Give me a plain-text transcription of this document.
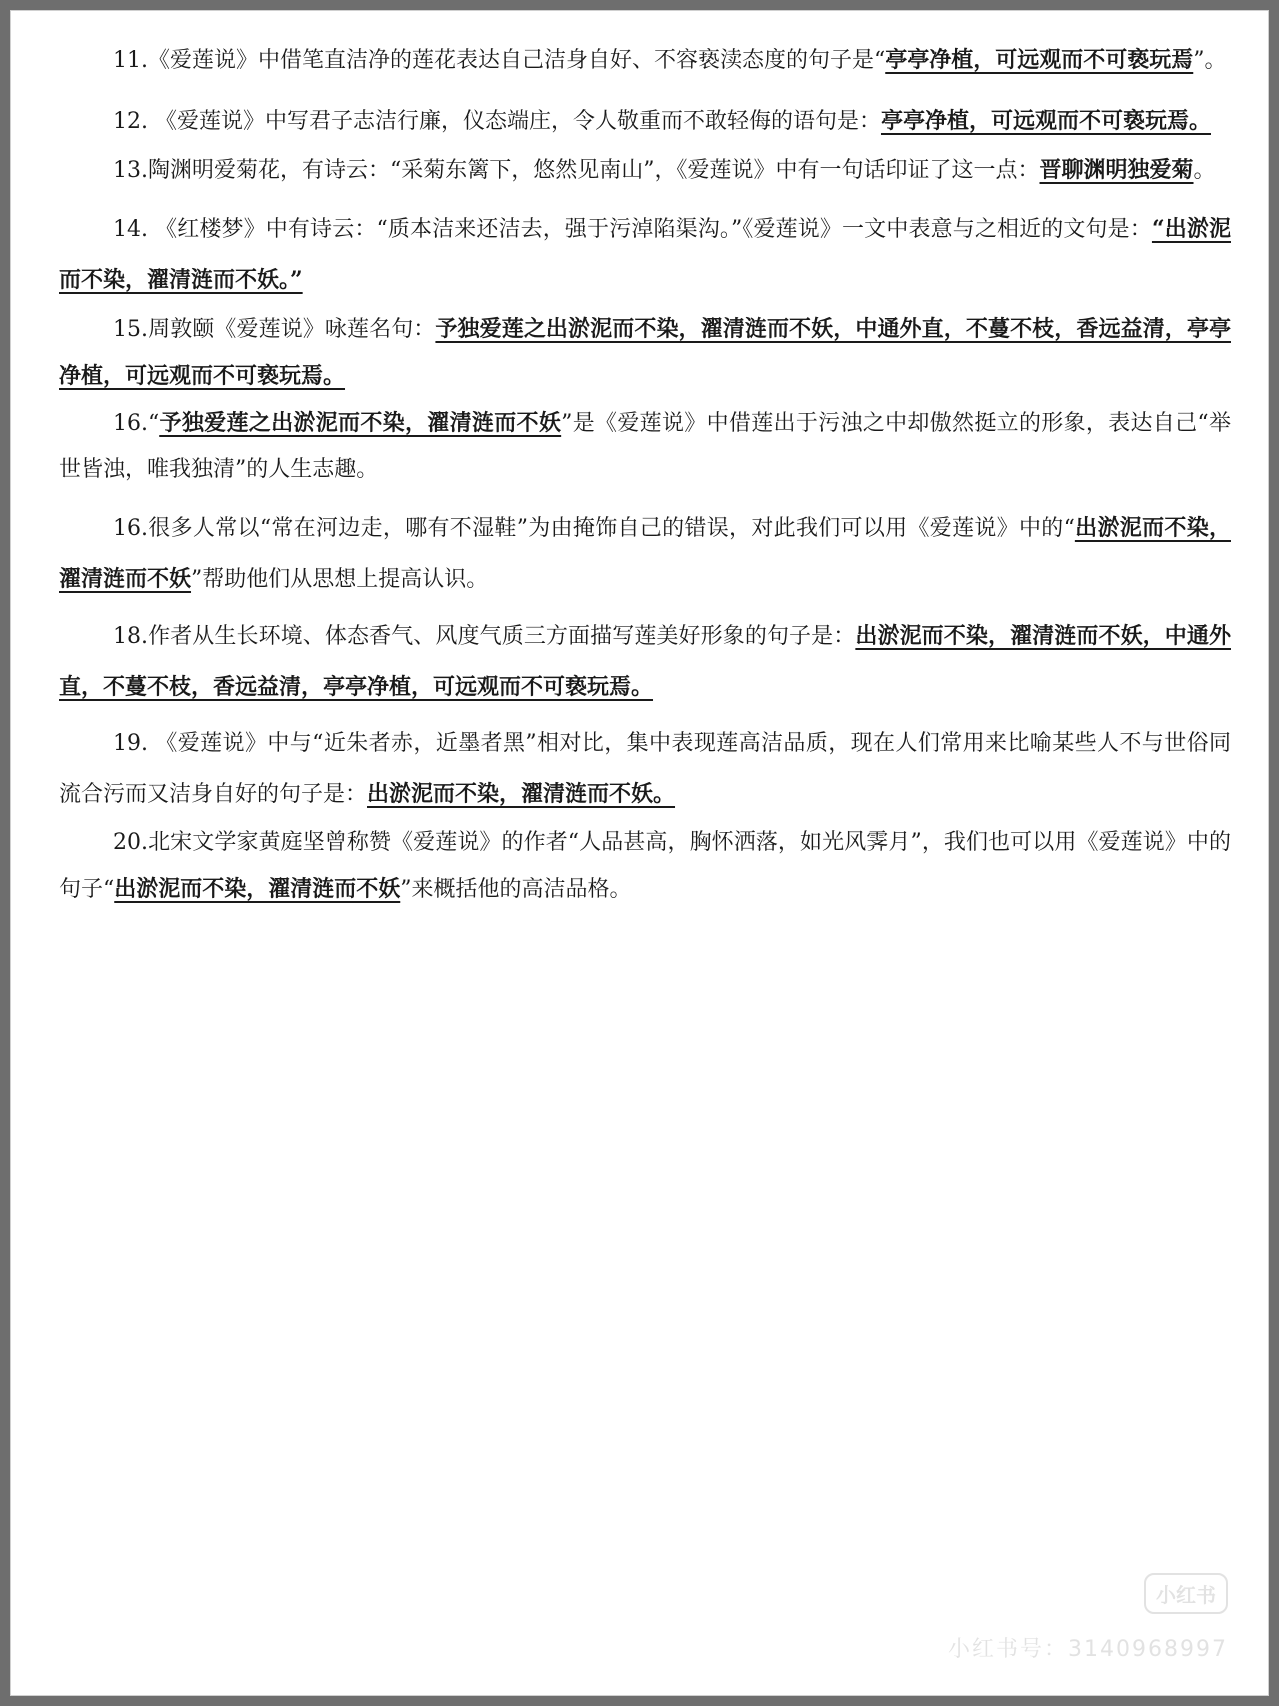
11.《爱莲说》中借笔直洁净的莲花表达自己洁身自好、不容亵渎态度的句子是“亭亭净植，可远观而不可亵玩焉”。

12. 《爱莲说》中写君子志洁行廉，仪态端庄，令人敬重而不敢轻侮的语句是：亭亭净植，可远观而不可亵玩焉。

13.陶渊明爱菊花，有诗云：“采菊东篱下，悠然见南山”，《爱莲说》中有一句话印证了这一点：晋聊渊明独爱菊。

14. 《红楼梦》中有诗云：“质本洁来还洁去，强于污淖陷渠沟。”《爱莲说》一文中表意与之相近的文句是：“出淤泥而不染，濯清涟而不妖。”

15.周敦颐《爱莲说》咏莲名句：予独爱莲之出淤泥而不染，濯清涟而不妖，中通外直，不蔓不枝，香远益清，亭亭净植，可远观而不可亵玩焉。

16.“予独爱莲之出淤泥而不染，濯清涟而不妖”是《爱莲说》中借莲出于污浊之中却傲然挺立的形象，表达自己“举世皆浊，唯我独清”的人生志趣。

16.很多人常以“常在河边走，哪有不湿鞋”为由掩饰自己的错误，对此我们可以用《爱莲说》中的“出淤泥而不染，濯清涟而不妖”帮助他们从思想上提高认识。

18.作者从生长环境、体态香气、风度气质三方面描写莲美好形象的句子是：出淤泥而不染，濯清涟而不妖，中通外直，不蔓不枝，香远益清，亭亭净植，可远观而不可亵玩焉。

19. 《爱莲说》中与“近朱者赤，近墨者黑”相对比，集中表现莲高洁品质，现在人们常用来比喻某些人不与世俗同流合污而又洁身自好的句子是：出淤泥而不染，濯清涟而不妖。

20.北宋文学家黄庭坚曾称赞《爱莲说》的作者“人品甚高，胸怀洒落，如光风霁月”，我们也可以用《爱莲说》中的句子“出淤泥而不染，濯清涟而不妖”来概括他的高洁品格。

小红书
小红书号：3140968997
